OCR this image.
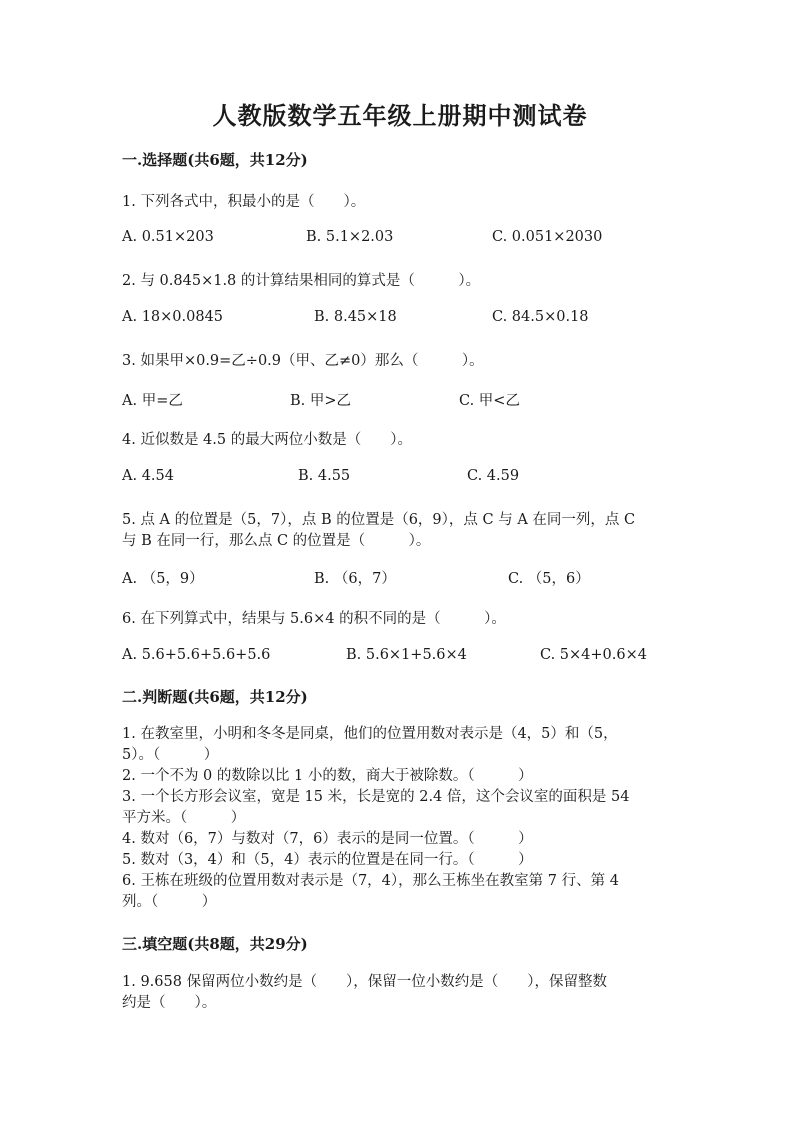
人教版数学五年级上册期中测试卷
一.选择题(共6题，共12分)
1. 下列各式中，积最小的是（　　）。
A. 0.51×203	B. 5.1×2.03	C. 0.051×2030
2. 与 0.845×1.8 的计算结果相同的算式是（　　　）。
A. 18×0.0845	B. 8.45×18	C. 84.5×0.18
3. 如果甲×0.9=乙÷0.9（甲、乙≠0）那么（　　　）。
A. 甲=乙	B. 甲>乙	C. 甲<乙
4. 近似数是 4.5 的最大两位小数是（　　）。
A. 4.54	B. 4.55	C. 4.59
5. 点 A 的位置是（5，7），点 B 的位置是（6，9），点 C 与 A 在同一列，点 C
与 B 在同一行，那么点 C 的位置是（　　　）。
A. （5，9）	B. （6，7）	C. （5，6）
6. 在下列算式中，结果与 5.6×4 的积不同的是（　　　）。
A. 5.6+5.6+5.6+5.6	B. 5.6×1+5.6×4	C. 5×4+0.6×4
二.判断题(共6题，共12分)
1. 在教室里，小明和冬冬是同桌，他们的位置用数对表示是（4，5）和（5，
5）。（　　　）
2. 一个不为 0 的数除以比 1 小的数，商大于被除数。（　　　）
3. 一个长方形会议室，宽是 15 米，长是宽的 2.4 倍，这个会议室的面积是 54
平方米。（　　　）
4. 数对（6，7）与数对（7，6）表示的是同一位置。（　　　）
5. 数对（3，4）和（5，4）表示的位置是在同一行。（　　　）
6. 王栋在班级的位置用数对表示是（7，4），那么王栋坐在教室第 7 行、第 4
列。（　　　）
三.填空题(共8题，共29分)
1. 9.658 保留两位小数约是（　　），保留一位小数约是（　　），保留整数
约是（　　）。
